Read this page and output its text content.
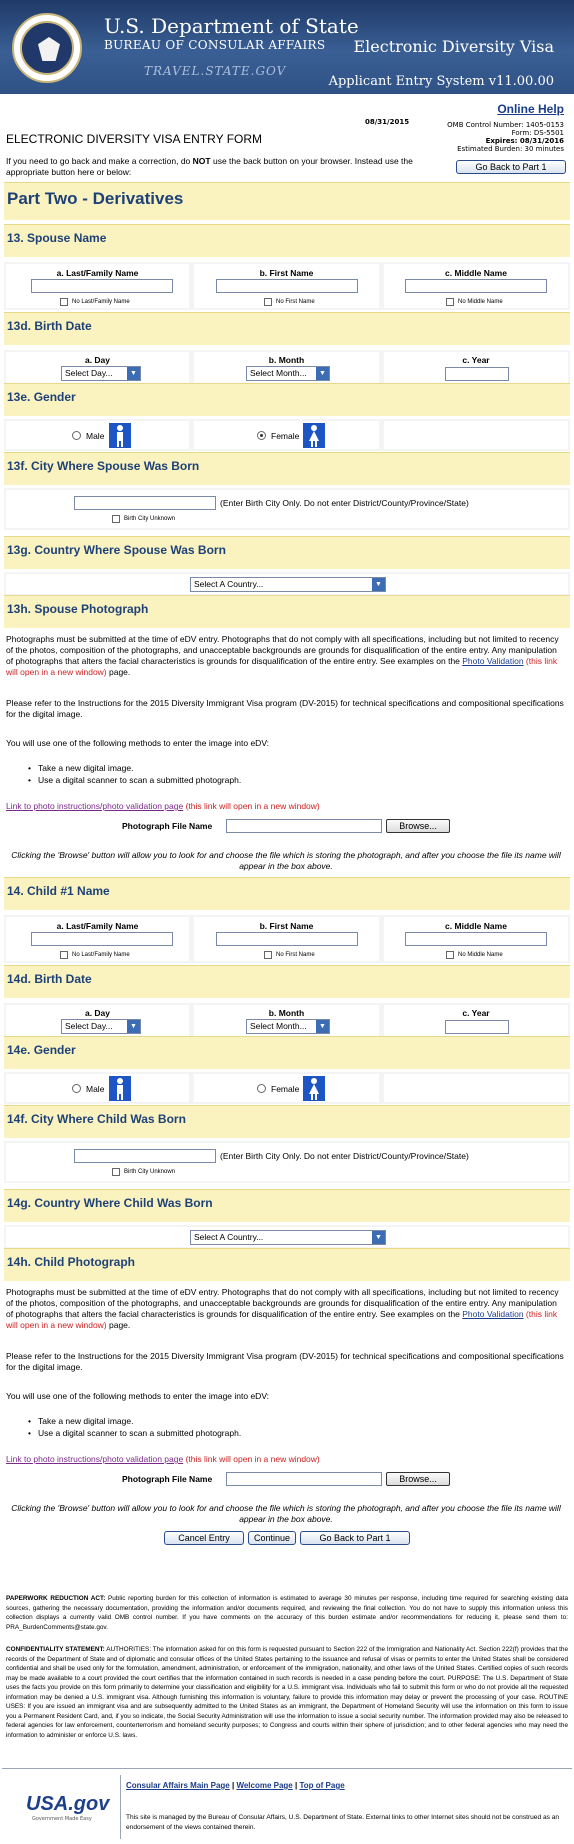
U.S. Department of State
BUREAU OF CONSULAR AFFAIRS
TRAVEL.STATE.GOV
Electronic Diversity Visa
Applicant Entry System v11.00.00
Online Help
08/31/2015	OMB Control Number: 1405-0153
Form: DS-5501
Expires: 08/31/2016
Estimated Burden: 30 minutes
ELECTRONIC DIVERSITY VISA ENTRY FORM
If you need to go back and make a correction, do NOT use the back button on your browser. Instead use the appropriate button here or below:	Go Back to Part 1
Part Two - Derivatives
13. Spouse Name
a. Last/Family Name
No Last/Family Name
b. First Name
No First Name
c. Middle Name
No Middle Name
13d. Birth Date
a. Day
Select Day...	▼
b. Month
Select Month...	▼
c. Year
13e. Gender
Male	Female
13f. City Where Spouse Was Born
(Enter Birth City Only. Do not enter District/County/Province/State)
Birth City Unknown
13g. Country Where Spouse Was Born
Select A Country...	▼
13h. Spouse Photograph
Photographs must be submitted at the time of eDV entry. Photographs that do not comply with all specifications, including but not limited to recency of the photos, composition of the photographs, and unacceptable backgrounds are grounds for disqualification of the entire entry. Any manipulation of photographs that alters the facial characteristics is grounds for disqualification of the entire entry. See examples on the Photo Validation (this link will open in a new window) page.
Please refer to the Instructions for the 2015 Diversity Immigrant Visa program (DV-2015) for technical specifications and compositional specifications for the digital image.
You will use one of the following methods to enter the image into eDV:
• Take a new digital image.
• Use a digital scanner to scan a submitted photograph.
Link to photo instructions/photo validation page (this link will open in a new window)
Photograph File Name	Browse...
Clicking the 'Browse' button will allow you to look for and choose the file which is storing the photograph, and after you choose the file its name will appear in the box above.
14. Child #1 Name
a. Last/Family Name
No Last/Family Name
b. First Name
No First Name
c. Middle Name
No Middle Name
14d. Birth Date
a. Day
Select Day...	▼
b. Month
Select Month...	▼
c. Year
14e. Gender
Male	Female
14f. City Where Child Was Born
(Enter Birth City Only. Do not enter District/County/Province/State)
Birth City Unknown
14g. Country Where Child Was Born
Select A Country...	▼
14h. Child Photograph
Photographs must be submitted at the time of eDV entry. Photographs that do not comply with all specifications, including but not limited to recency of the photos, composition of the photographs, and unacceptable backgrounds are grounds for disqualification of the entire entry. Any manipulation of photographs that alters the facial characteristics is grounds for disqualification of the entire entry. See examples on the Photo Validation (this link will open in a new window) page.
Please refer to the Instructions for the 2015 Diversity Immigrant Visa program (DV-2015) for technical specifications and compositional specifications for the digital image.
You will use one of the following methods to enter the image into eDV:
• Take a new digital image.
• Use a digital scanner to scan a submitted photograph.
Link to photo instructions/photo validation page (this link will open in a new window)
Photograph File Name	Browse...
Clicking the 'Browse' button will allow you to look for and choose the file which is storing the photograph, and after you choose the file its name will appear in the box above.
Cancel Entry	Continue	Go Back to Part 1
PAPERWORK REDUCTION ACT: Public reporting burden for this collection of information is estimated to average 30 minutes per response, including time required for searching existing data sources, gathering the necessary documentation, providing the information and/or documents required, and reviewing the final collection. You do not have to supply this information unless this collection displays a currently valid OMB control number. If you have comments on the accuracy of this burden estimate and/or recommendations for reducing it, please send them to: PRA_BurdenComments@state.gov.
CONFIDENTIALITY STATEMENT: AUTHORITIES: The information asked for on this form is requested pursuant to Section 222 of the Immigration and Nationality Act. Section 222(f) provides that the records of the Department of State and of diplomatic and consular offices of the United States pertaining to the issuance and refusal of visas or permits to enter the United States shall be considered confidential and shall be used only for the formulation, amendment, administration, or enforcement of the immigration, nationality, and other laws of the United States. Certified copies of such records may be made available to a court provided the court certifies that the information contained in such records is needed in a case pending before the court. PURPOSE: The U.S. Department of State uses the facts you provide on this form primarily to determine your classification and eligibility for a U.S. immigrant visa. Individuals who fail to submit this form or who do not provide all the requested information may be denied a U.S. immigrant visa. Although furnishing this information is voluntary, failure to provide this information may delay or prevent the processing of your case. ROUTINE USES: If you are issued an immigrant visa and are subsequently admitted to the United States as an immigrant, the Department of Homeland Security will use the information on this form to issue you a Permanent Resident Card, and, if you so indicate, the Social Security Administration will use the information to issue a social security number. The information provided may also be released to federal agencies for law enforcement, counterterrorism and homeland security purposes; to Congress and courts within their sphere of jurisdiction; and to other federal agencies who may need the information to administer or enforce U.S. laws.
USA.gov
Government Made Easy
Consular Affairs Main Page | Welcome Page | Top of Page
This site is managed by the Bureau of Consular Affairs, U.S. Department of State. External links to other Internet sites should not be construed as an endorsement of the views contained therein.
